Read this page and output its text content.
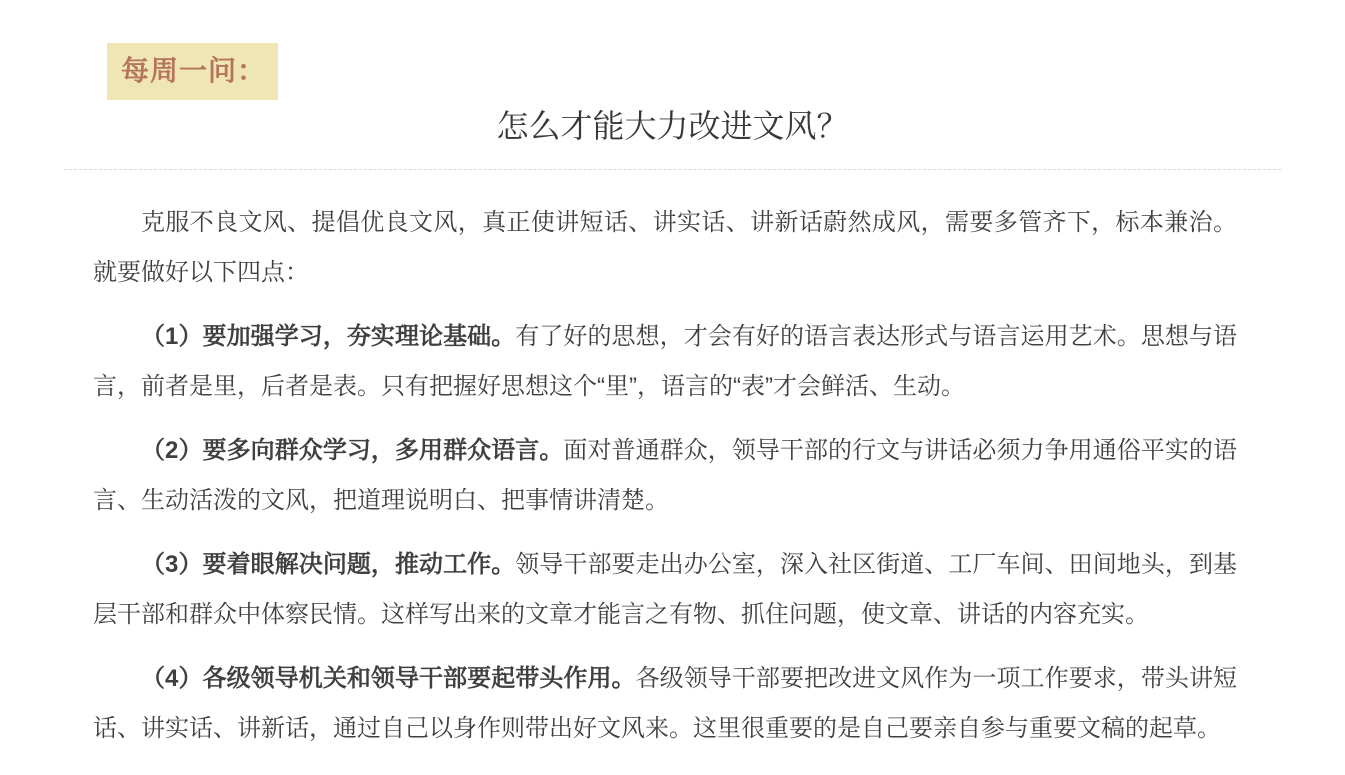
每周一问：
怎么才能大力改进文风？

克服不良文风、提倡优良文风，真正使讲短话、讲实话、讲新话蔚然成风，需要多管齐下，标本兼治。就要做好以下四点：

（1）要加强学习，夯实理论基础。有了好的思想，才会有好的语言表达形式与语言运用艺术。思想与语言，前者是里，后者是表。只有把握好思想这个“里”，语言的“表”才会鲜活、生动。

（2）要多向群众学习，多用群众语言。面对普通群众，领导干部的行文与讲话必须力争用通俗平实的语言、生动活泼的文风，把道理说明白、把事情讲清楚。

（3）要着眼解决问题，推动工作。领导干部要走出办公室，深入社区街道、工厂车间、田间地头，到基层干部和群众中体察民情。这样写出来的文章才能言之有物、抓住问题，使文章、讲话的内容充实。

（4）各级领导机关和领导干部要起带头作用。各级领导干部要把改进文风作为一项工作要求，带头讲短话、讲实话、讲新话，通过自己以身作则带出好文风来。这里很重要的是自己要亲自参与重要文稿的起草。
